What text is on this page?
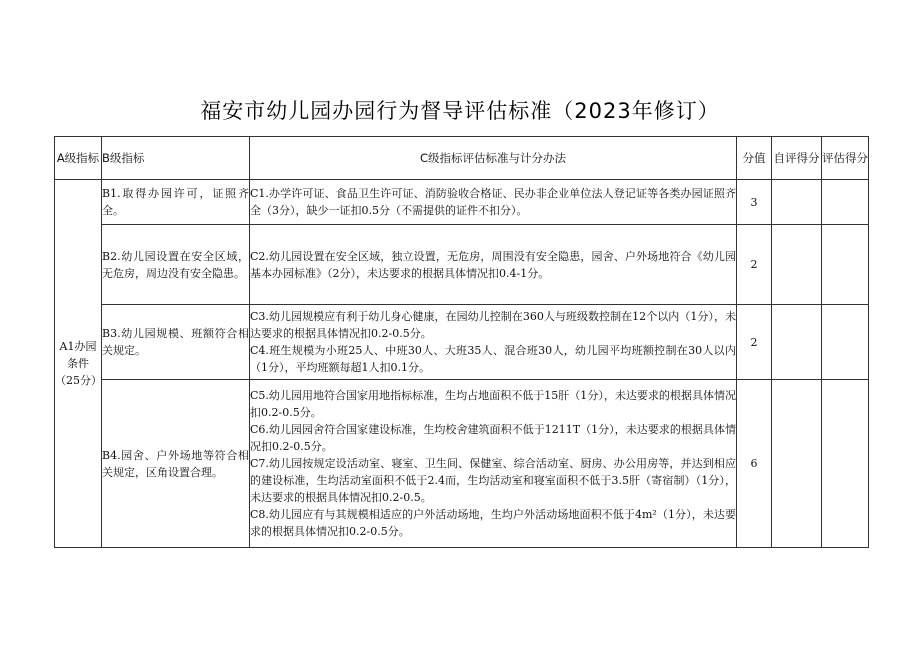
福安市幼儿园办园行为督导评估标准（2023年修订）
A级指标	B级指标	C级指标评估标准与计分办法	分值	自评得分	评估得分
A1办园条件（25分）	B1.取得办园许可，证照齐全。	C1.办学许可证、食品卫生许可证、消防验收合格证、民办非企业单位法人登记证等各类办园证照齐全（3分），缺少一证扣0.5分（不需提供的证件不扣分）。	3		
	B2.幼儿园设置在安全区域，无危房，周边没有安全隐患。	C2.幼儿园设置在安全区域，独立设置，无危房，周围没有安全隐患，园舍、户外场地符合《幼儿园基本办园标准》（2分），未达要求的根据具体情况扣0.4-1分。	2		
	B3.幼儿园规模、班额符合相关规定。	C3.幼儿园规模应有利于幼儿身心健康，在园幼儿控制在360人与班级数控制在12个以内（1分），未达要求的根据具体情况扣0.2-0.5分。
C4.班生规模为小班25人、中班30人、大班35人、混合班30人，幼儿园平均班额控制在30人以内（1分），平均班额每超1人扣0.1分。	2		
	B4.园舍、户外场地等符合相关规定，区角设置合理。	C5.幼儿园用地符合国家用地指标标准，生均占地面积不低于15肝（1分），未达要求的根据具体情况扣0.2-0.5分。
C6.幼儿园园舍符合国家建设标准，生均校舍建筑面积不低于1211T（1分），未达要求的根据具体情况扣0.2-0.5分。
C7.幼儿园按规定设活动室、寝室、卫生间、保健室、综合活动室、厨房、办公用房等，并达到相应的建设标准，生均活动室面积不低于2.4而，生均活动室和寝室面积不低于3.5肝（寄宿制）（1分），未达要求的根据具体情况扣0.2-0.5。
C8.幼儿园应有与其规模相适应的户外活动场地，生均户外活动场地面积不低于4m²（1分），未达要求的根据具体情况扣0.2-0.5分。	6		
